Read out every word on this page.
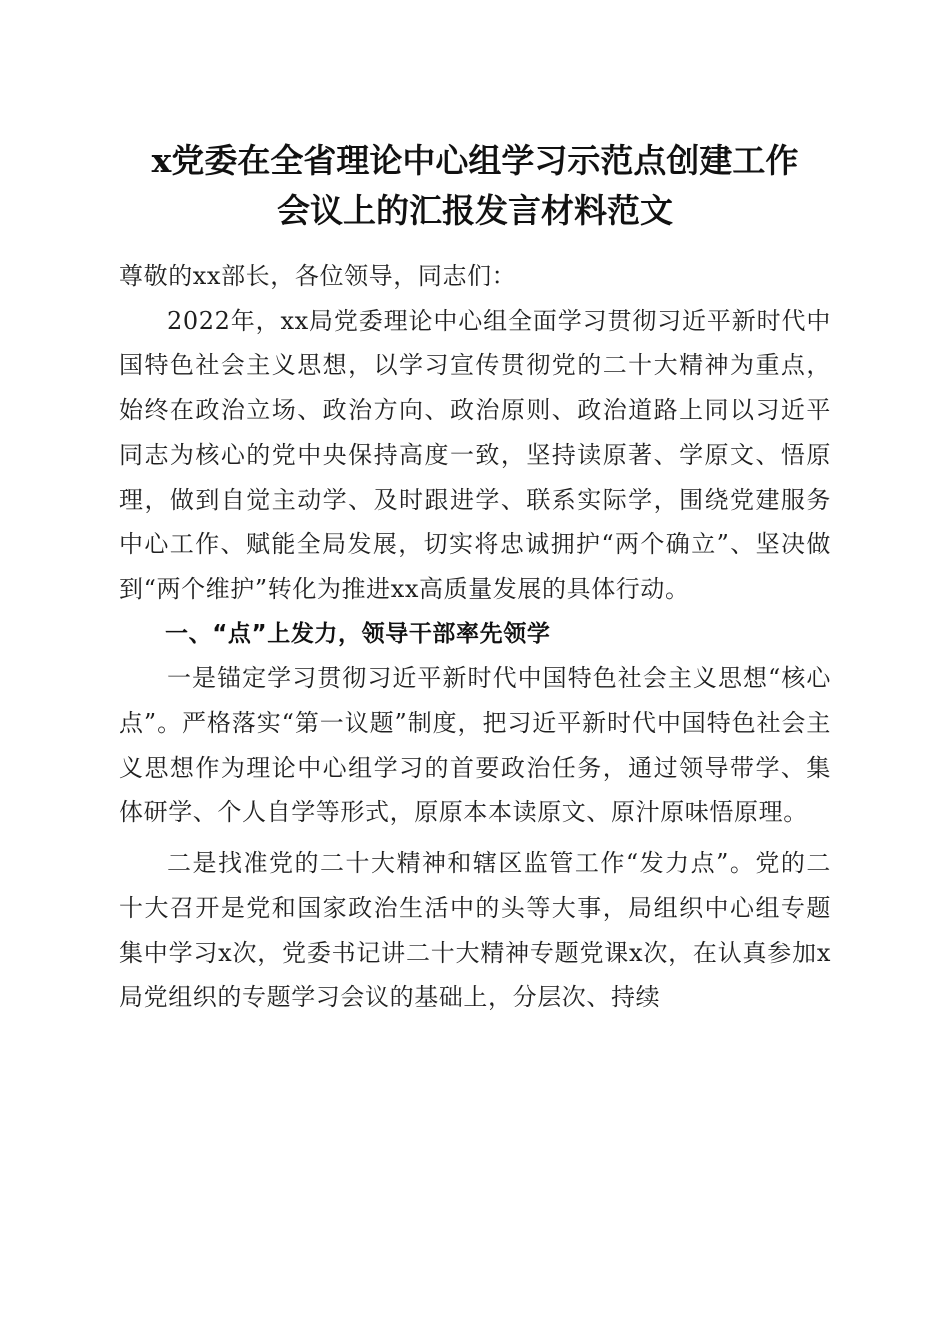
x党委在全省理论中心组学习示范点创建工作
会议上的汇报发言材料范文

尊敬的xx部长，各位领导，同志们：

2022年，xx局党委理论中心组全面学习贯彻习近平新时代中国特色社会主义思想，以学习宣传贯彻党的二十大精神为重点，始终在政治立场、政治方向、政治原则、政治道路上同以习近平同志为核心的党中央保持高度一致，坚持读原著、学原文、悟原理，做到自觉主动学、及时跟进学、联系实际学，围绕党建服务中心工作、赋能全局发展，切实将忠诚拥护“两个确立”、坚决做到“两个维护”转化为推进xx高质量发展的具体行动。

一、“点”上发力，领导干部率先领学

一是锚定学习贯彻习近平新时代中国特色社会主义思想“核心点”。严格落实“第一议题”制度，把习近平新时代中国特色社会主义思想作为理论中心组学习的首要政治任务，通过领导带学、集体研学、个人自学等形式，原原本本读原文、原汁原味悟原理。

二是找准党的二十大精神和辖区监管工作“发力点”。党的二十大召开是党和国家政治生活中的头等大事，局组织中心组专题集中学习x次，党委书记讲二十大精神专题党课x次，在认真参加x局党组织的专题学习会议的基础上，分层次、持续
